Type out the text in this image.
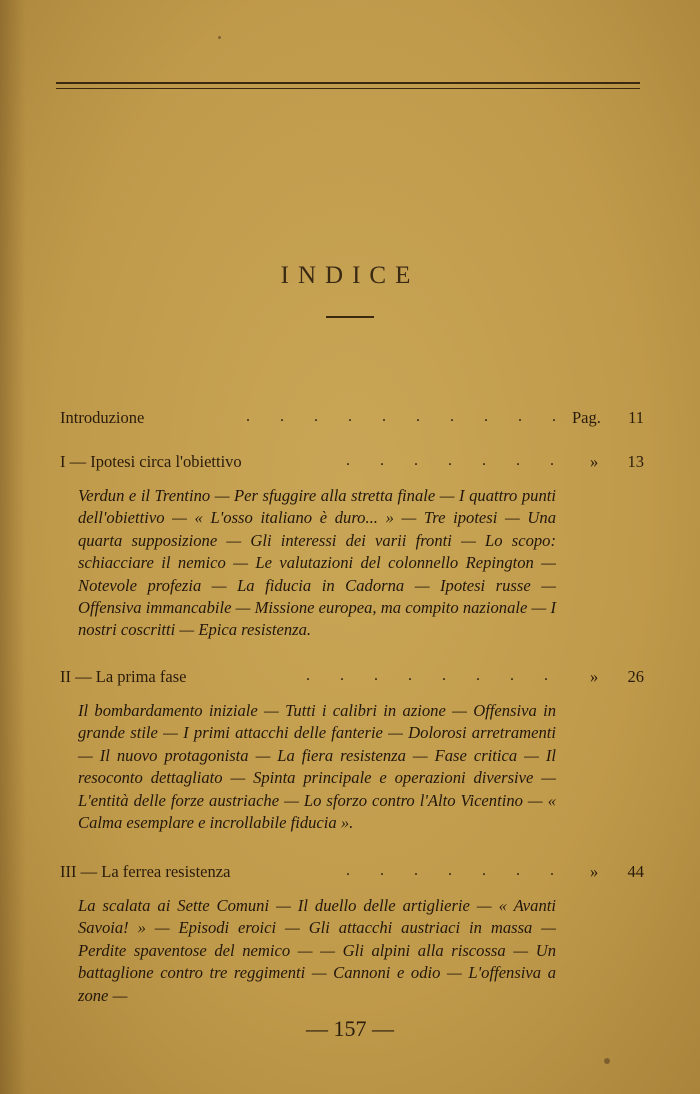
INDICE
Introduzione	. . . . . . . . . . Pag. 11
I — Ipotesi circa l'obiettivo	. . . . . . . » 13
Verdun e il Trentino — Per sfuggire alla stretta finale — I quattro punti dell'obiettivo — « L'osso italiano è duro... » — Tre ipotesi — Una quarta supposizione — Gli interessi dei varii fronti — Lo scopo: schiacciare il nemico — Le valutazioni del colonnello Repington — Notevole profezia — La fiducia in Cadorna — Ipotesi russe — Offensiva immancabile — Missione europea, ma compito nazionale — I nostri coscritti — Epica resistenza.
II — La prima fase	. . . . . . . .	» 26
Il bombardamento iniziale — Tutti i calibri in azione — Offensiva in grande stile — I primi attacchi delle fanterie — Dolorosi arretramenti — Il nuovo protagonista — La fiera resistenza — Fase critica — Il resoconto dettagliato — Spinta principale e operazioni diversive — L'entità delle forze austriache — Lo sforzo contro l'Alto Vicentino — « Calma esemplare e incrollabile fiducia ».
III — La ferrea resistenza	. . . . . . . » 44
La scalata ai Sette Comuni — Il duello delle artiglierie — « Avanti Savoia! » — Episodi eroici — Gli attacchi austriaci in massa — Perdite spaventose del nemico — — Gli alpini alla riscossa — Un battaglione contro tre reggimenti — Cannoni e odio — L'offensiva a zone —
— 157 —
